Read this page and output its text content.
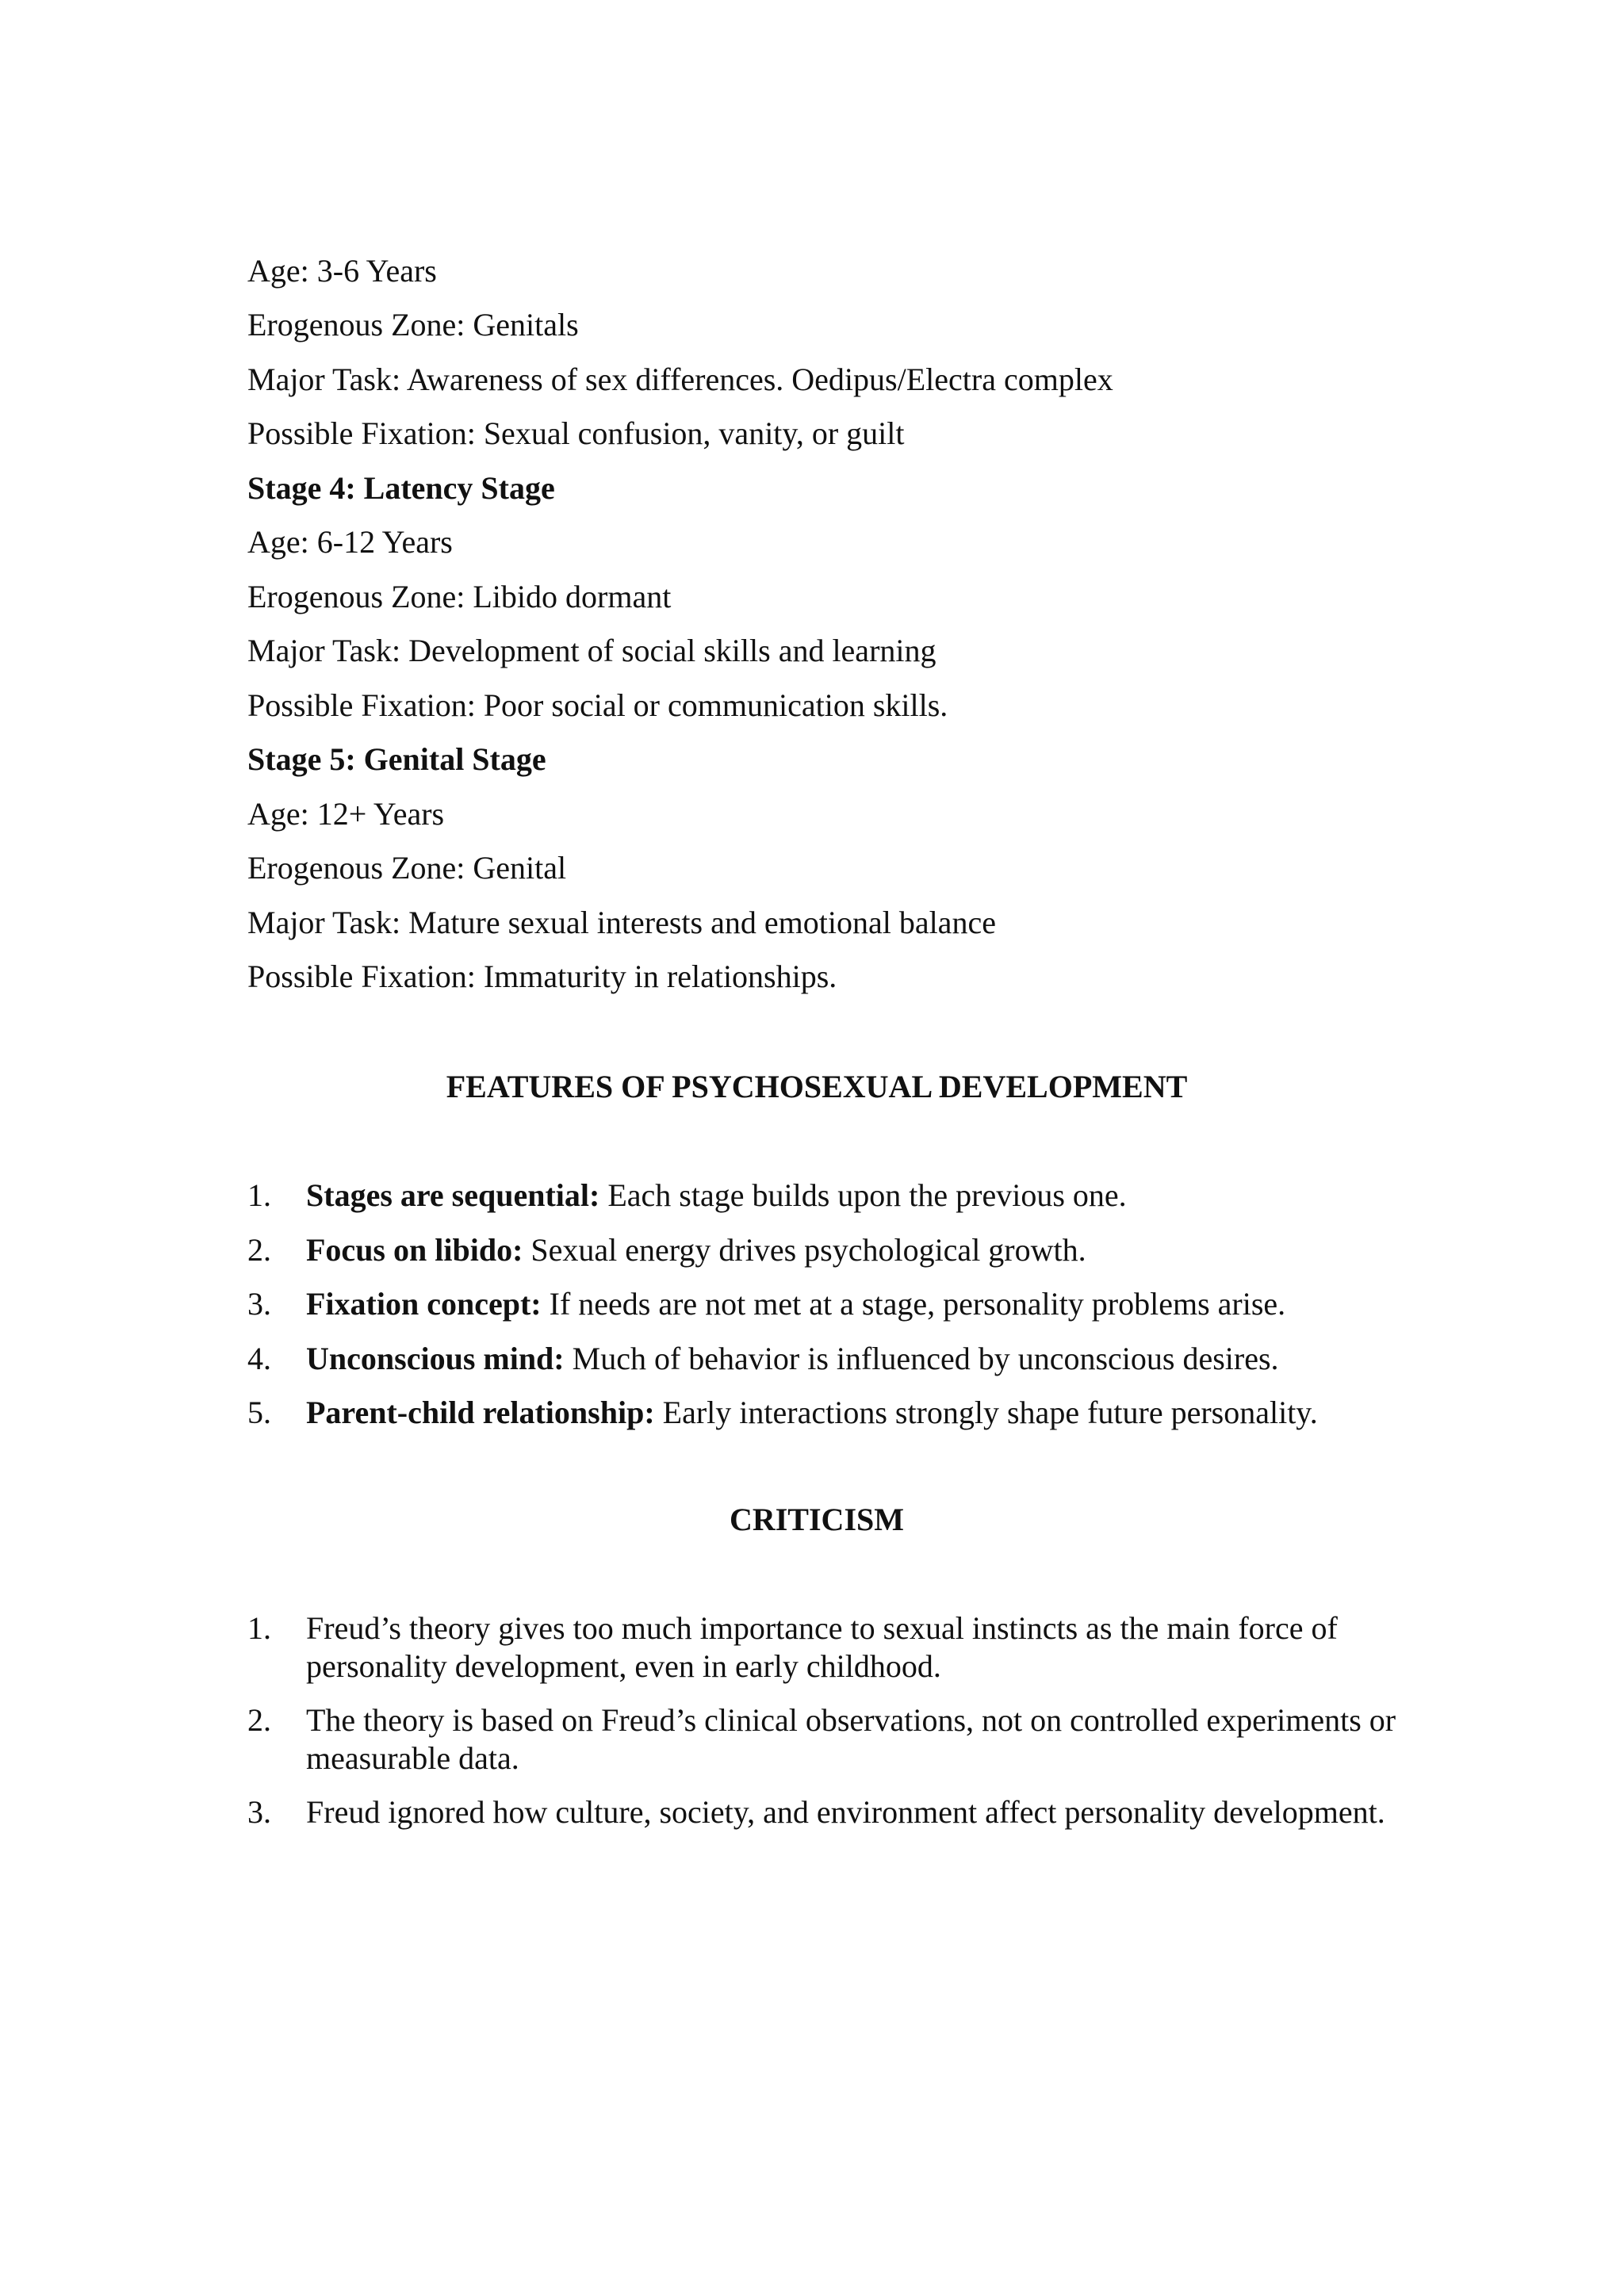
Age: 3-6 Years
Erogenous Zone: Genitals
Major Task: Awareness of sex differences. Oedipus/Electra complex
Possible Fixation: Sexual confusion, vanity, or guilt
Stage 4: Latency Stage
Age: 6-12 Years
Erogenous Zone: Libido dormant
Major Task: Development of social skills and learning
Possible Fixation: Poor social or communication skills.
Stage 5: Genital Stage
Age: 12+ Years
Erogenous Zone: Genital
Major Task: Mature sexual interests and emotional balance
Possible Fixation: Immaturity in relationships.
FEATURES OF PSYCHOSEXUAL DEVELOPMENT
1. Stages are sequential: Each stage builds upon the previous one.
2. Focus on libido: Sexual energy drives psychological growth.
3. Fixation concept: If needs are not met at a stage, personality problems arise.
4. Unconscious mind: Much of behavior is influenced by unconscious desires.
5. Parent-child relationship: Early interactions strongly shape future personality.
CRITICISM
1. Freud’s theory gives too much importance to sexual instincts as the main force of personality development, even in early childhood.
2. The theory is based on Freud’s clinical observations, not on controlled experiments or measurable data.
3. Freud ignored how culture, society, and environment affect personality development.
